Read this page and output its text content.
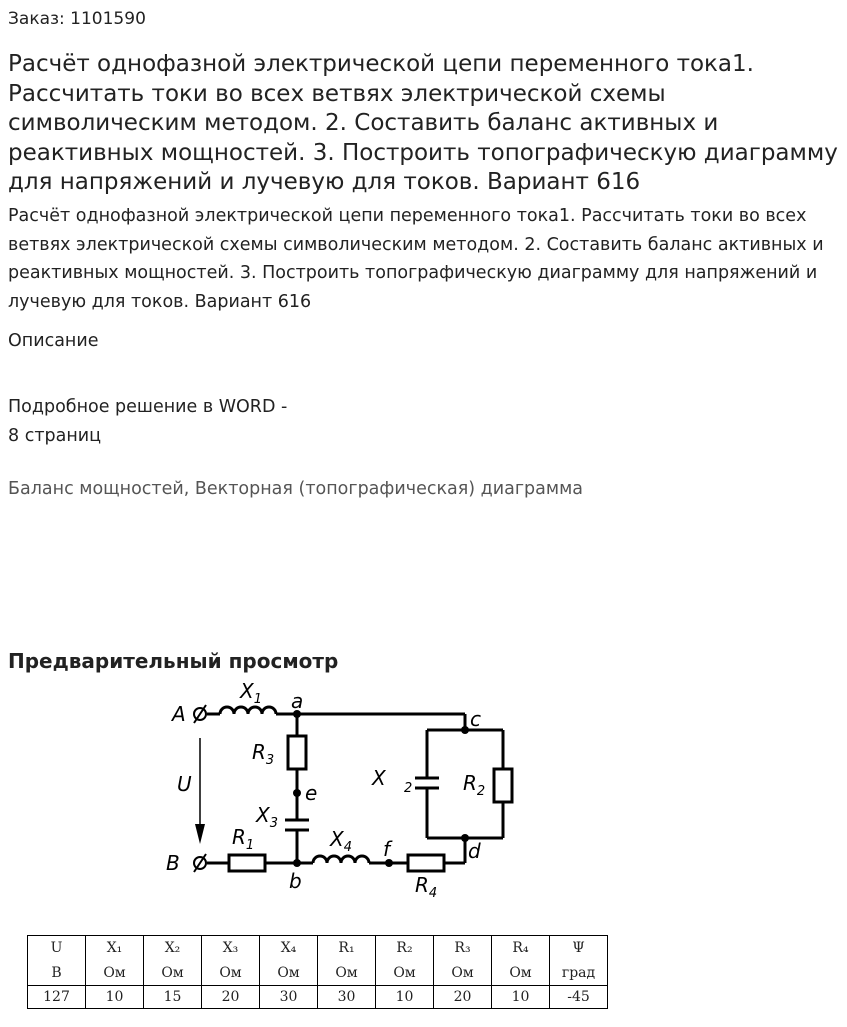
Заказ: 1101590
Расчёт однофазной электрической цепи переменного тока1. Рассчитать токи во всех ветвях электрической схемы символическим методом. 2. Составить баланс активных и реактивных мощностей. 3. Построить топографическую диаграмму для напряжений и лучевую для токов. Вариант 616
Расчёт однофазной электрической цепи переменного тока1. Рассчитать токи во всех ветвях электрической схемы символическим методом. 2. Составить баланс активных и реактивных мощностей. 3. Построить топографическую диаграмму для напряжений и лучевую для токов. Вариант 616
Описание
Подробное решение в WORD -
8 страниц
Баланс мощностей, Векторная (топографическая) диаграмма
Предварительный просмотр
A
B
U
a
b
c
d
e
f
$X_1$
$R_3$
$X_3$
X 2	$R_2$
$R_1$	$X_4$
$R_4$
U	X₁	X₂	X₃	X₄	R₁	R₂	R₃	R₄	Ψ
В	Ом	Ом	Ом	Ом	Ом	Ом	Ом	Ом	град
127	10	15	20	30	30	10	20	10	-45
